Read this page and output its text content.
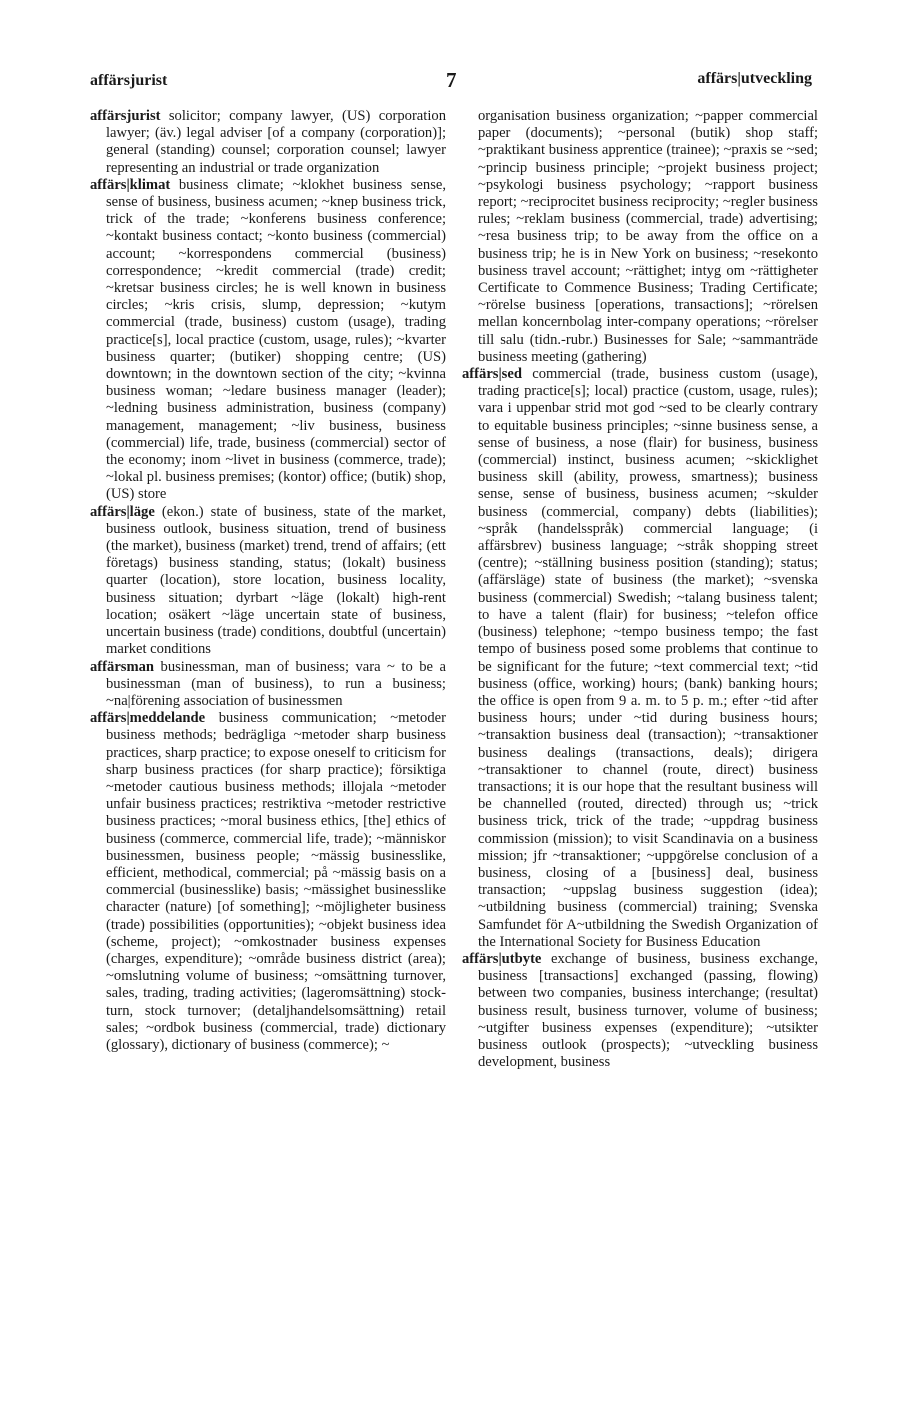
affärsjurist	7	affärs|utveckling

affärsjurist solicitor; company lawyer, (US) corporation lawyer; (äv.) legal adviser [of a company (corporation)]; general (standing) counsel; corporation counsel; lawyer representing an industrial or trade organization

affärs|klimat business climate; ~klokhet business sense, sense of business, business acumen; ~knep business trick, trick of the trade; ~konferens business conference; ~kontakt business contact; ~konto business (commercial) account; ~korrespondens commercial (business) correspondence; ~kredit commercial (trade) credit; ~kretsar business circles; he is well known in business circles; ~kris crisis, slump, depression; ~kutym commercial (trade, business) custom (usage), trading practice[s], local practice (custom, usage, rules); ~kvarter business quarter; (butiker) shopping centre; (US) downtown; in the downtown section of the city; ~kvinna business woman; ~ledare business manager (leader); ~ledning business administration, business (company) management, management; ~liv business, business (commercial) life, trade, business (commercial) sector of the economy; inom ~livet in business (commerce, trade); ~lokal pl. business premises; (kontor) office; (butik) shop, (US) store

affärs|läge (ekon.) state of business, state of the market, business outlook, business situation, trend of business (the market), business (market) trend, trend of affairs; (ett företags) business standing, status; (lokalt) business quarter (location), store location, business locality, business situation; dyrbart ~läge (lokalt) high-rent location; osäkert ~läge uncertain state of business, uncertain business (trade) conditions, doubtful (uncertain) market conditions

affärsman businessman, man of business; vara ~ to be a businessman (man of business), to run a business; ~na|förening association of businessmen

affärs|meddelande business communication; ~metoder business methods; bedrägliga ~metoder sharp business practices, sharp practice; to expose oneself to criticism for sharp business practices (for sharp practice); försiktiga ~metoder cautious business methods; illojala ~metoder unfair business practices; restriktiva ~metoder restrictive business practices; ~moral business ethics, [the] ethics of business (commerce, commercial life, trade); ~människor businessmen, business people; ~mässig businesslike, efficient, methodical, commercial; på ~mässig basis on a commercial (businesslike) basis; ~mässighet businesslike character (nature) [of something]; ~möjligheter business (trade) possibilities (opportunities); ~objekt business idea (scheme, project); ~omkostnader business expenses (charges, expenditure); ~område business district (area); ~omslutning volume of business; ~omsättning turnover, sales, trading, trading activities; (lageromsättning) stock-turn, stock turnover; (detaljhandelsomsättning) retail sales; ~ordbok business (commercial, trade) dictionary (glossary), dictionary of business (commerce); ~

organisation business organization; ~papper commercial paper (documents); ~personal (butik) shop staff; ~praktikant business apprentice (trainee); ~praxis se ~sed; ~princip business principle; ~projekt business project; ~psykologi business psychology; ~rapport business report; ~reciprocitet business reciprocity; ~regler business rules; ~reklam business (commercial, trade) advertising; ~resa business trip; to be away from the office on a business trip; he is in New York on business; ~resekonto business travel account; ~rättighet; intyg om ~rättigheter Certificate to Commence Business; Trading Certificate; ~rörelse business [operations, transactions]; ~rörelsen mellan koncernbolag inter-company operations; ~rörelser till salu (tidn.-rubr.) Businesses for Sale; ~sammanträde business meeting (gathering)

affärs|sed commercial (trade, business custom (usage), trading practice[s]; local) practice (custom, usage, rules); vara i uppenbar strid mot god ~sed to be clearly contrary to equitable business principles; ~sinne business sense, a sense of business, a nose (flair) for business, business (commercial) instinct, business acumen; ~skicklighet business skill (ability, prowess, smartness); business sense, sense of business, business acumen; ~skulder business (commercial, company) debts (liabilities); ~språk (handelsspråk) commercial language; (i affärsbrev) business language; ~stråk shopping street (centre); ~ställning business position (standing); status; (affärsläge) state of business (the market); ~svenska business (commercial) Swedish; ~talang business talent; to have a talent (flair) for business; ~telefon office (business) telephone; ~tempo business tempo; the fast tempo of business posed some problems that continue to be significant for the future; ~text commercial text; ~tid business (office, working) hours; (bank) banking hours; the office is open from 9 a. m. to 5 p. m.; efter ~tid after business hours; under ~tid during business hours; ~transaktion business deal (transaction); ~transaktioner business dealings (transactions, deals); dirigera ~transaktioner to channel (route, direct) business transactions; it is our hope that the resultant business will be channelled (routed, directed) through us; ~trick business trick, trick of the trade; ~uppdrag business commission (mission); to visit Scandinavia on a business mission; jfr ~transaktioner; ~uppgörelse conclusion of a business, closing of a [business] deal, business transaction; ~uppslag business suggestion (idea); ~utbildning business (commercial) training; Svenska Samfundet för A~utbildning the Swedish Organization of the International Society for Business Education

affärs|utbyte exchange of business, business exchange, business [transactions] exchanged (passing, flowing) between two companies, business interchange; (resultat) business result, business turnover, volume of business; ~utgifter business expenses (expenditure); ~utsikter business outlook (prospects); ~utveckling business development, business
